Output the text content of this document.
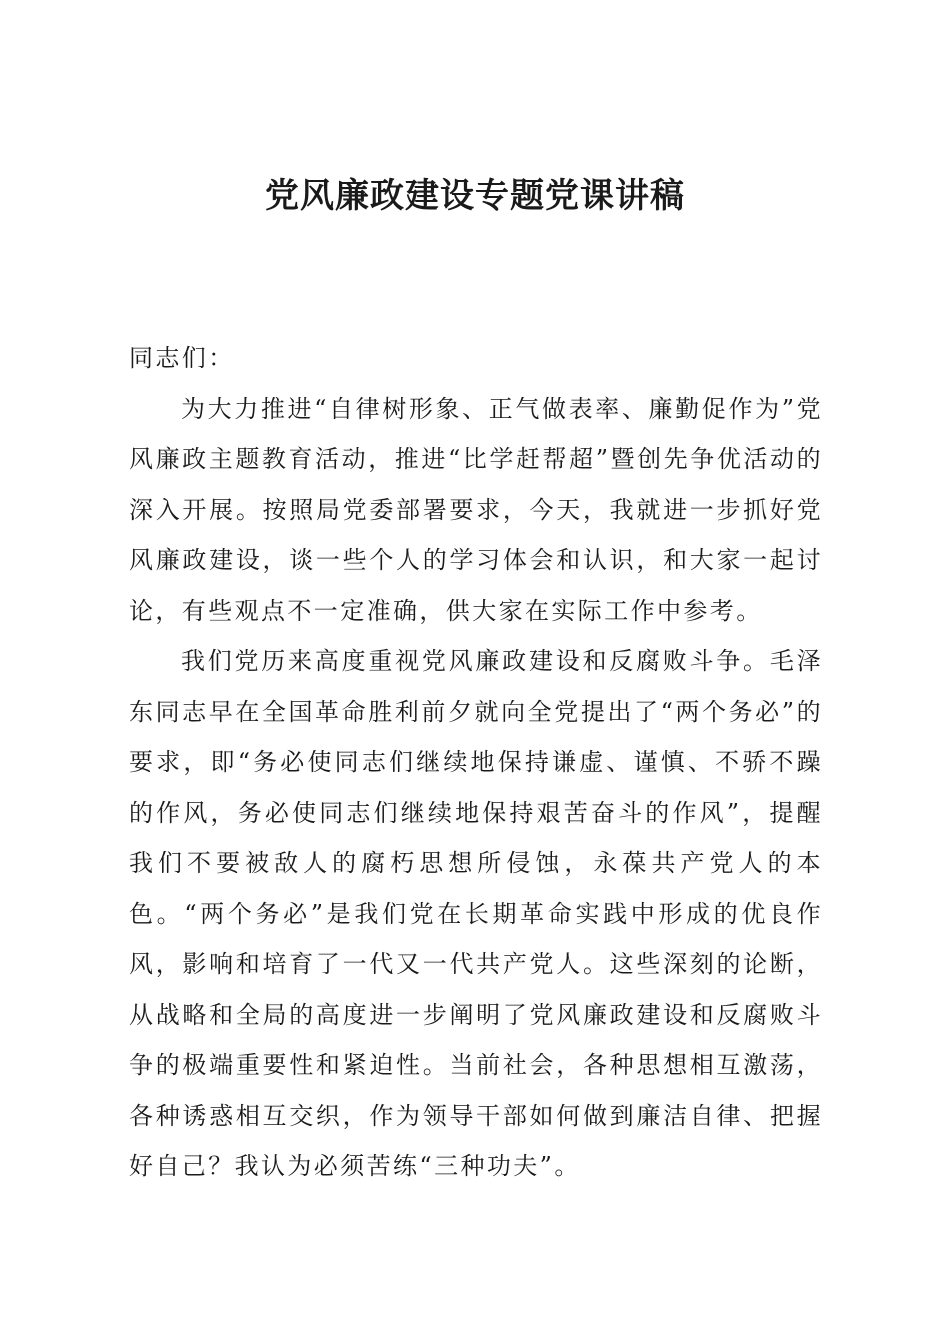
党风廉政建设专题党课讲稿

同志们：

为大力推进“自律树形象、正气做表率、廉勤促作为”党风廉政主题教育活动，推进“比学赶帮超”暨创先争优活动的深入开展。按照局党委部署要求，今天，我就进一步抓好党风廉政建设，谈一些个人的学习体会和认识，和大家一起讨论，有些观点不一定准确，供大家在实际工作中参考。

我们党历来高度重视党风廉政建设和反腐败斗争。毛泽东同志早在全国革命胜利前夕就向全党提出了“两个务必”的要求，即“务必使同志们继续地保持谦虚、谨慎、不骄不躁的作风，务必使同志们继续地保持艰苦奋斗的作风”，提醒我们不要被敌人的腐朽思想所侵蚀，永葆共产党人的本色。“两个务必”是我们党在长期革命实践中形成的优良作风，影响和培育了一代又一代共产党人。这些深刻的论断，从战略和全局的高度进一步阐明了党风廉政建设和反腐败斗争的极端重要性和紧迫性。当前社会，各种思想相互激荡，各种诱惑相互交织，作为领导干部如何做到廉洁自律、把握好自己？我认为必须苦练“三种功夫”。
